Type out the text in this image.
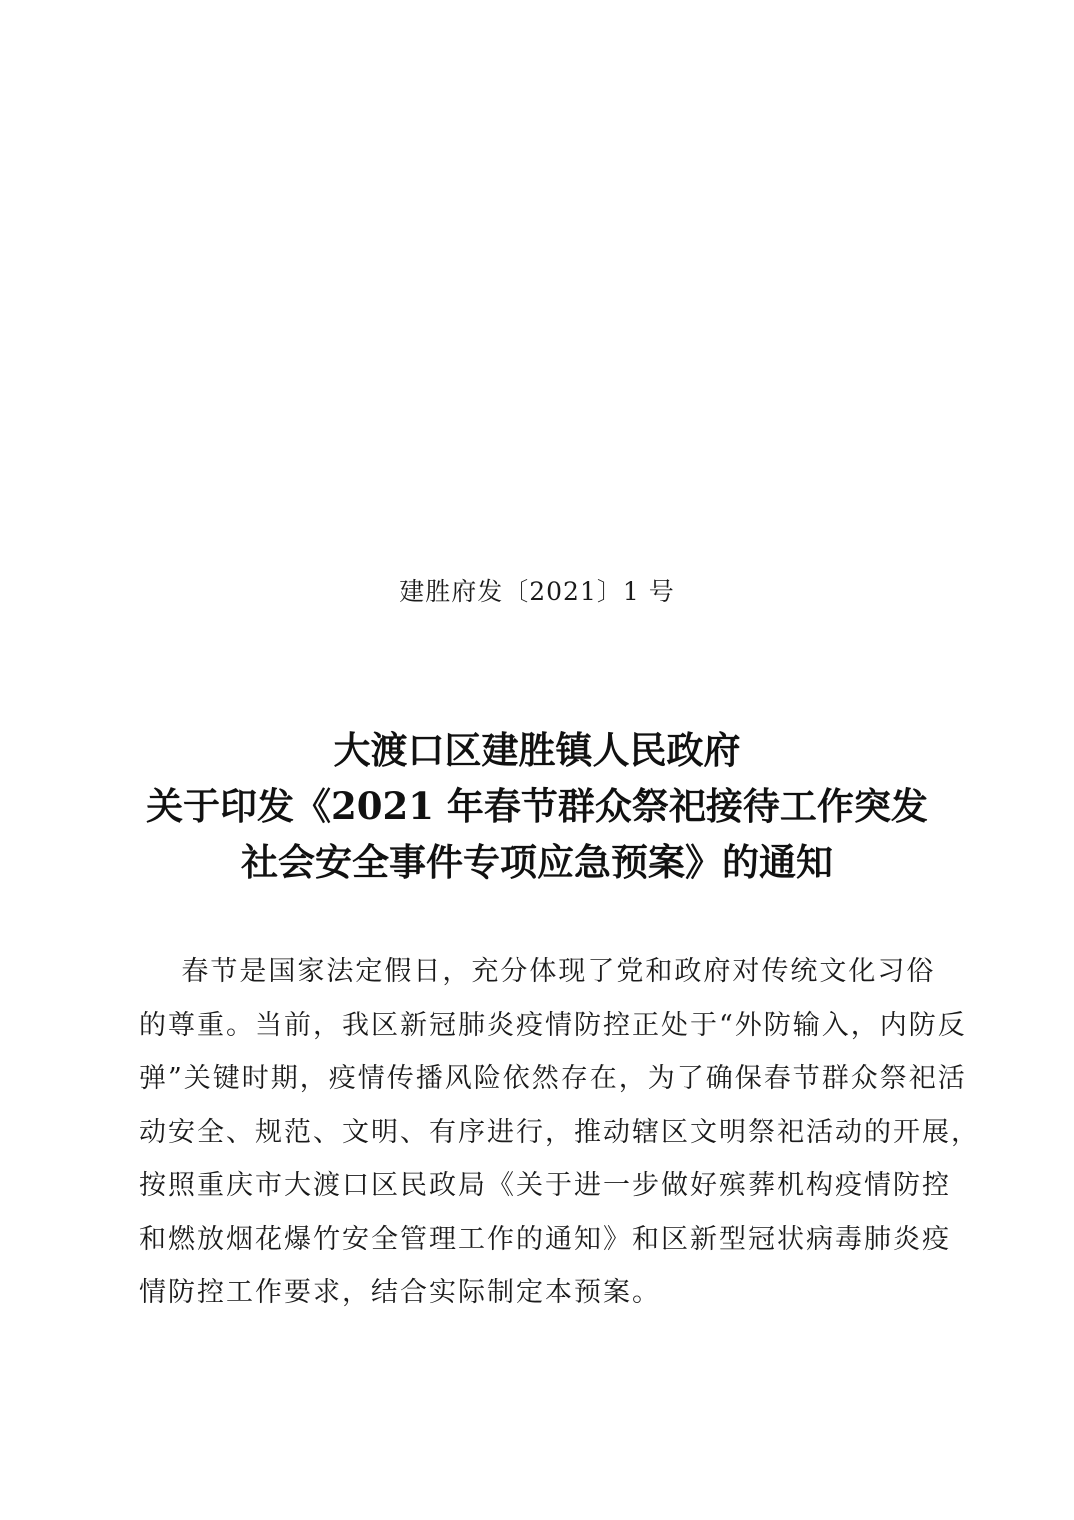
建胜府发〔2021〕1 号
大渡口区建胜镇人民政府
关于印发《2021 年春节群众祭祀接待工作突发
社会安全事件专项应急预案》的通知
春节是国家法定假日，充分体现了党和政府对传统文化习俗
的尊重。当前，我区新冠肺炎疫情防控正处于“外防输入，内防反
弹”关键时期，疫情传播风险依然存在，为了确保春节群众祭祀活
动安全、规范、文明、有序进行，推动辖区文明祭祀活动的开展，
按照重庆市大渡口区民政局《关于进一步做好殡葬机构疫情防控
和燃放烟花爆竹安全管理工作的通知》和区新型冠状病毒肺炎疫
情防控工作要求，结合实际制定本预案。
